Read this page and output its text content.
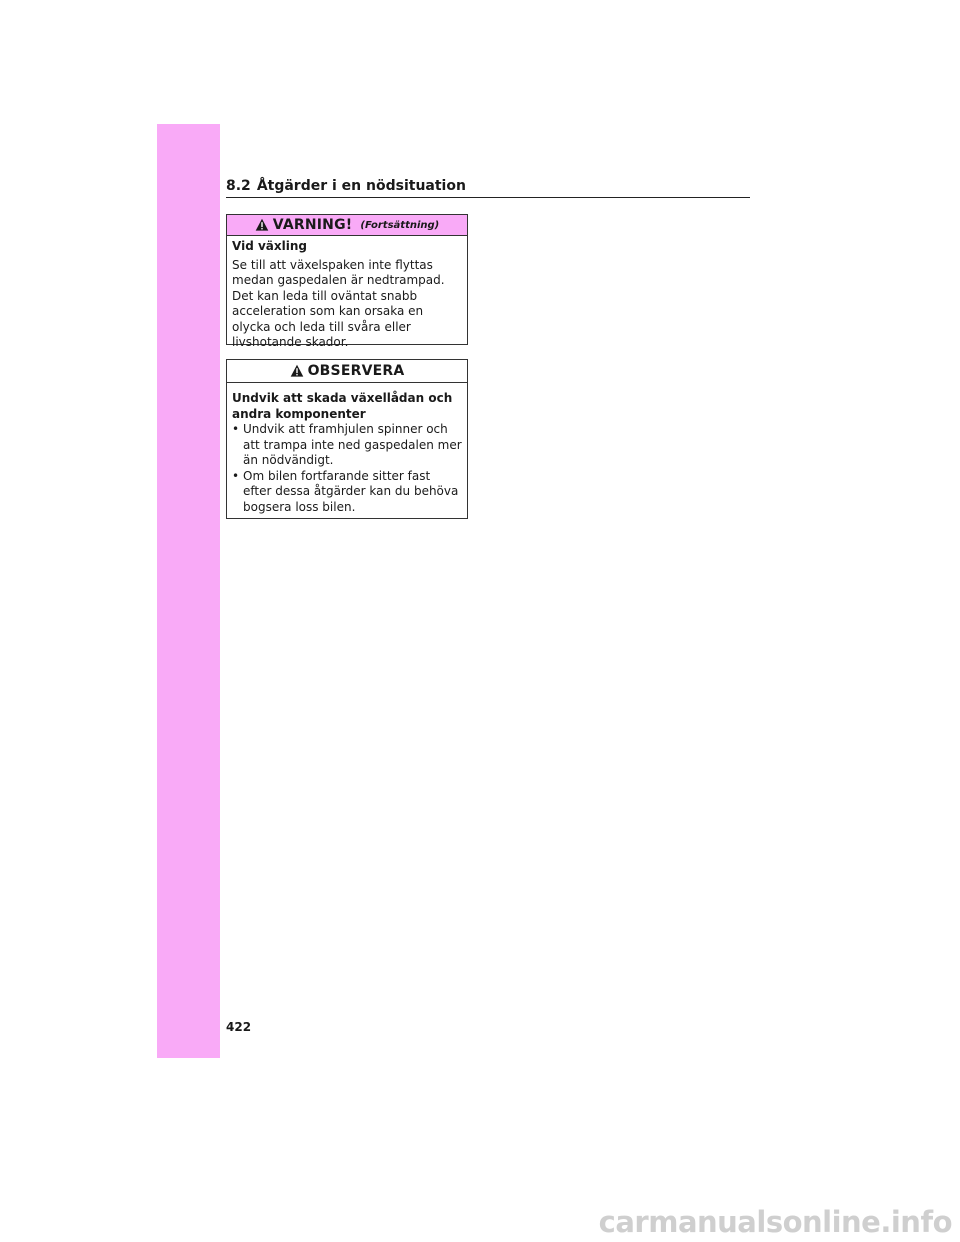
8.2 Åtgärder i en nödsituation
VARNING! (Fortsättning)
Vid växling

Se till att växelspaken inte flyttas medan gaspedalen är nedtrampad. Det kan leda till oväntat snabb acceleration som kan orsaka en olycka och leda till svåra eller livshotande skador.

OBSERVERA
Undvik att skada växellådan och andra komponenter
• Undvik att framhjulen spinner och att trampa inte ned gaspedalen mer än nödvändigt.
• Om bilen fortfarande sitter fast efter dessa åtgärder kan du behöva bogsera loss bilen.
422
carmanualsonline.info
